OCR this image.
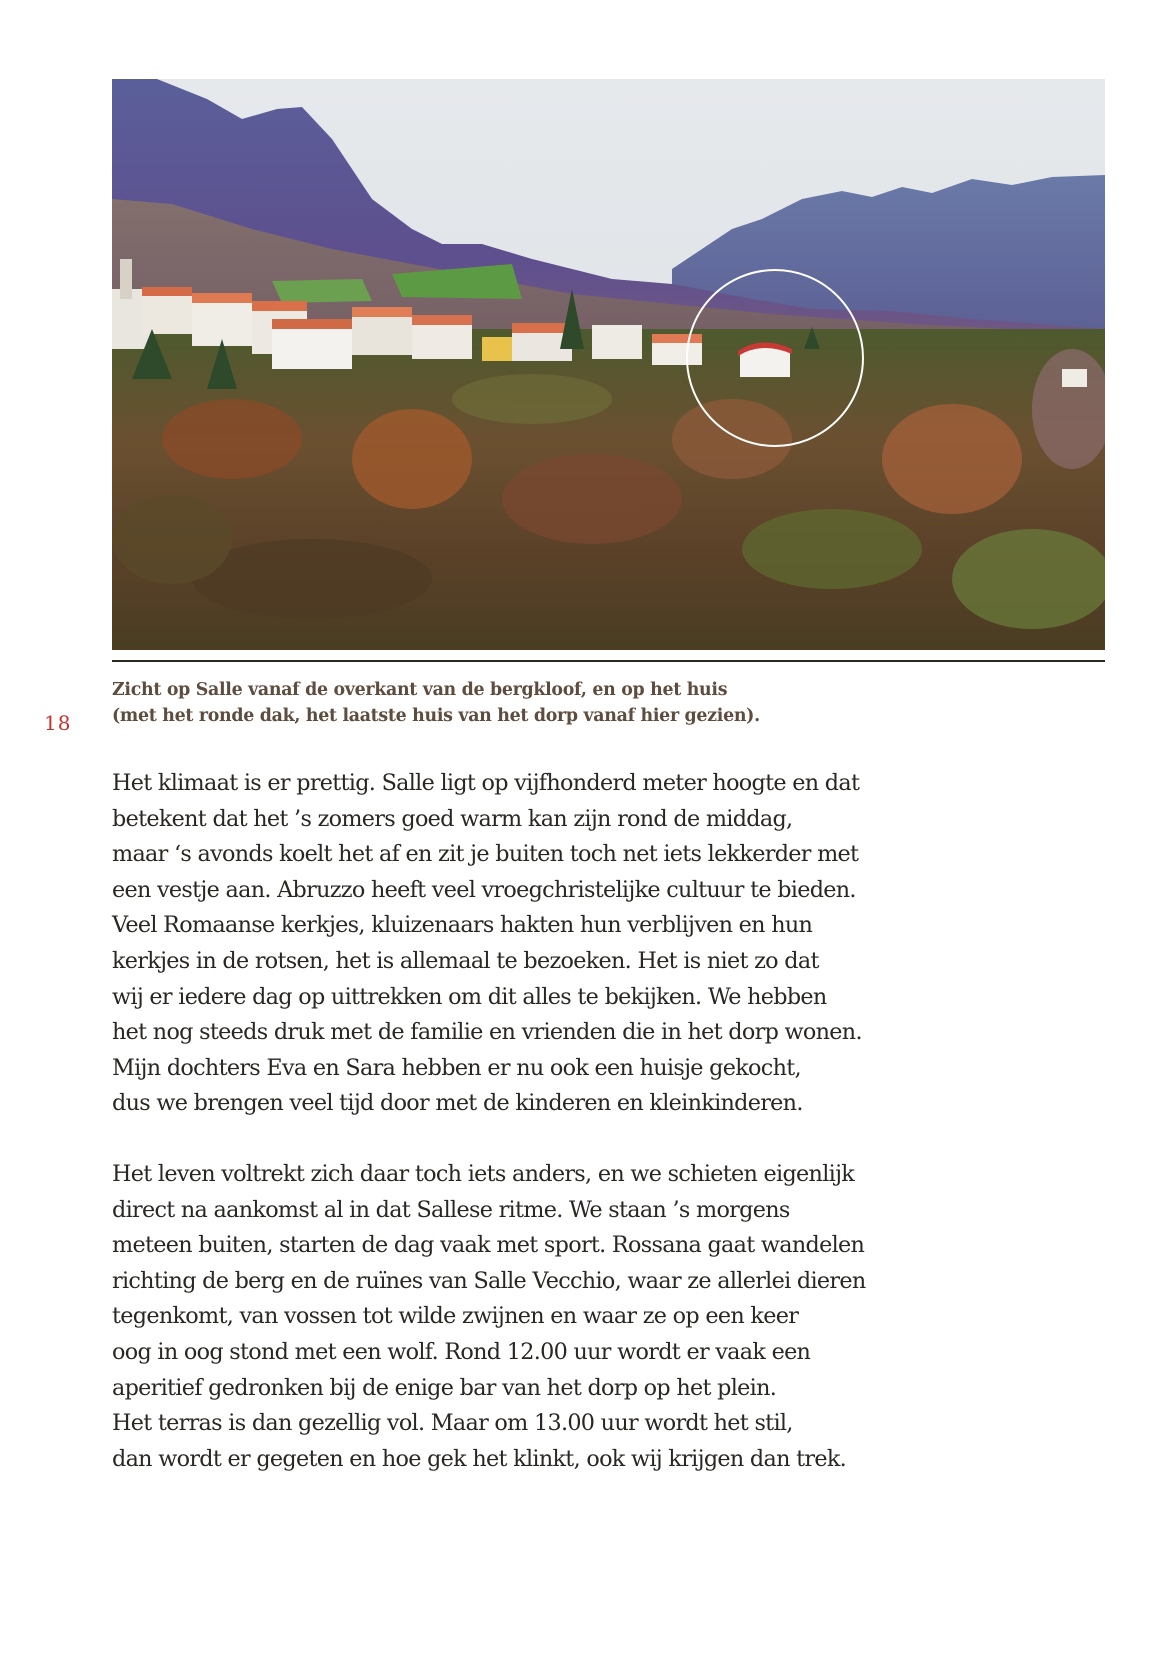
18
Zicht op Salle vanaf de overkant van de bergkloof, en op het huis
(met het ronde dak, het laatste huis van het dorp vanaf hier gezien).

Het klimaat is er prettig. Salle ligt op vijfhonderd meter hoogte en dat
betekent dat het ’s zomers goed warm kan zijn rond de middag,
maar ‘s avonds koelt het af en zit je buiten toch net iets lekkerder met
een vestje aan. Abruzzo heeft veel vroegchristelijke cultuur te bieden.
Veel Romaanse kerkjes, kluizenaars hakten hun verblijven en hun
kerkjes in de rotsen, het is allemaal te bezoeken. Het is niet zo dat
wij er iedere dag op uittrekken om dit alles te bekijken. We hebben
het nog steeds druk met de familie en vrienden die in het dorp wonen.
Mijn dochters Eva en Sara hebben er nu ook een huisje gekocht,
dus we brengen veel tijd door met de kinderen en kleinkinderen.

Het leven voltrekt zich daar toch iets anders, en we schieten eigenlijk
direct na aankomst al in dat Sallese ritme. We staan ’s morgens
meteen buiten, starten de dag vaak met sport. Rossana gaat wandelen
richting de berg en de ruïnes van Salle Vecchio, waar ze allerlei dieren
tegenkomt, van vossen tot wilde zwijnen en waar ze op een keer
oog in oog stond met een wolf. Rond 12.00 uur wordt er vaak een
aperitief gedronken bij de enige bar van het dorp op het plein.
Het terras is dan gezellig vol. Maar om 13.00 uur wordt het stil,
dan wordt er gegeten en hoe gek het klinkt, ook wij krijgen dan trek.
